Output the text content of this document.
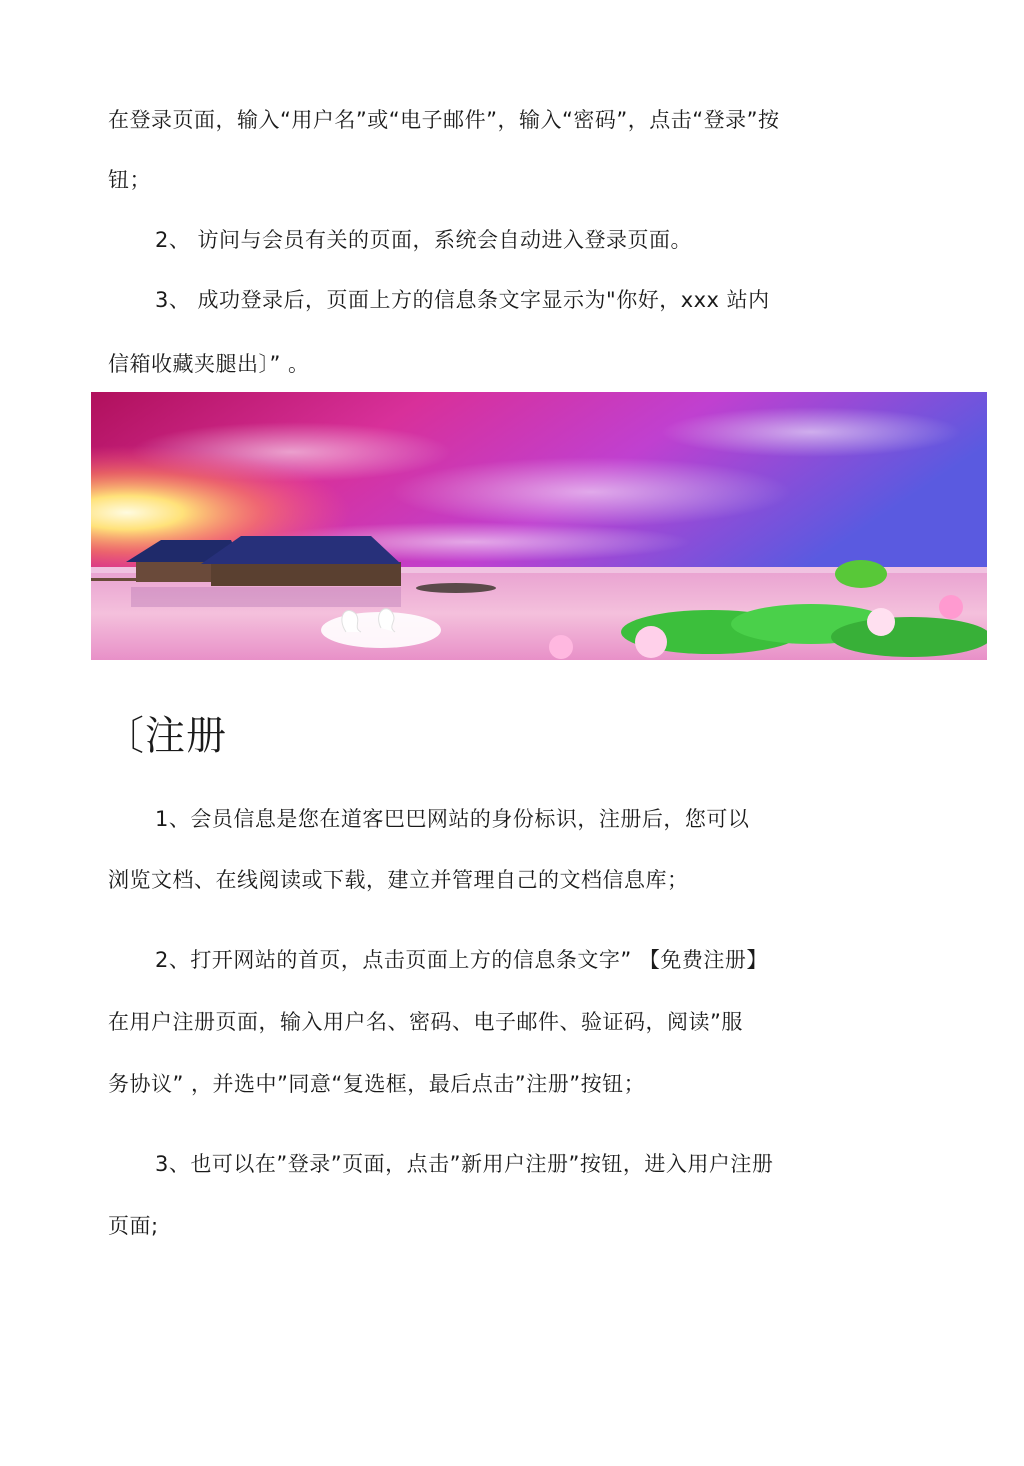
在登录页面，输入“用户名”或“电子邮件”，输入“密码”，点击“登录”按
钮；
2、 访问与会员有关的页面，系统会自动进入登录页面。
3、 成功登录后，页面上方的信息条文字显示为"你好，xxx 站内
信箱收藏夹腿出〕” 。
〔注册
1、会员信息是您在道客巴巴网站的身份标识，注册后，您可以
浏览文档、在线阅读或下载，建立并管理自己的文档信息库；
2、打开网站的首页，点击页面上方的信息条文字” 【免费注册】
在用户注册页面，输入用户名、密码、电子邮件、验证码，阅读”服
务协议” ，并选中”同意“复选框，最后点击”注册”按钮；
3、也可以在”登录”页面，点击”新用户注册”按钮，进入用户注册
页面;
